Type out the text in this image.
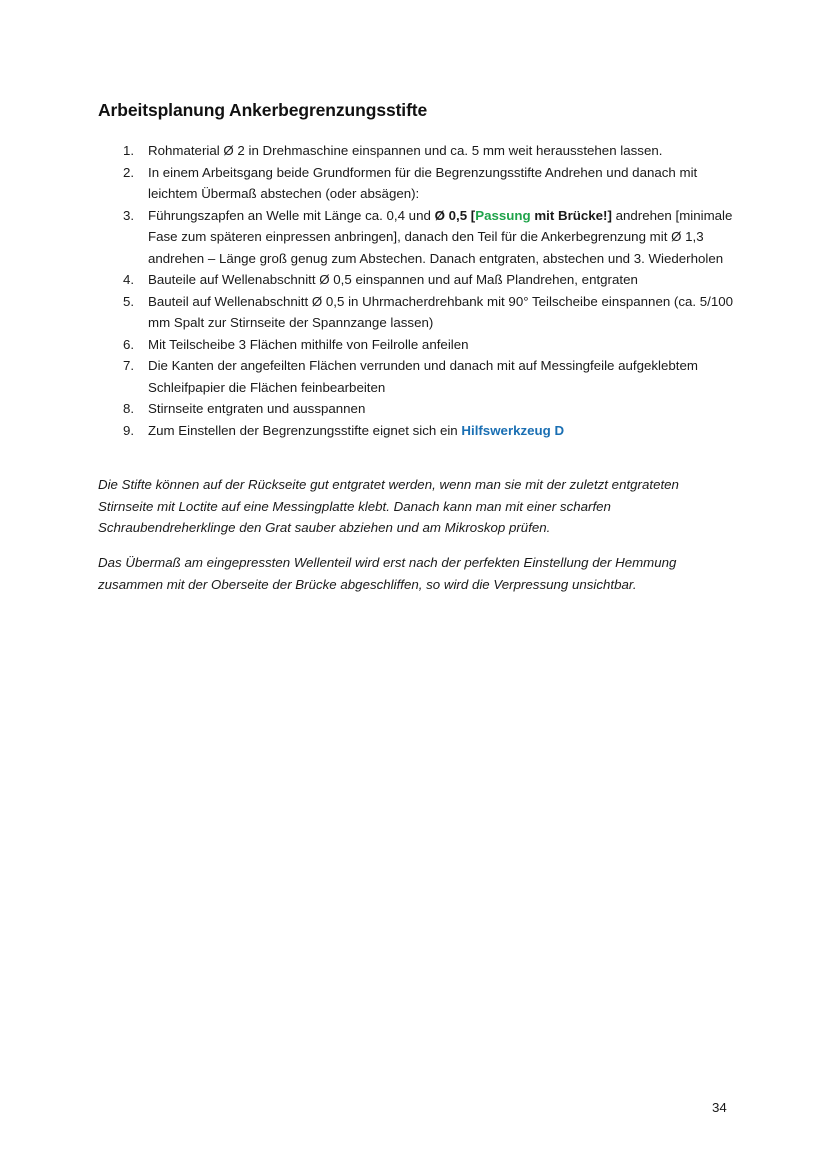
Arbeitsplanung Ankerbegrenzungsstifte
1. Rohmaterial Ø 2 in Drehmaschine einspannen und ca. 5 mm weit herausstehen lassen.
2. In einem Arbeitsgang beide Grundformen für die Begrenzungsstifte Andrehen und danach mit leichtem Übermaß abstechen (oder absägen):
3. Führungszapfen an Welle mit Länge ca. 0,4 und Ø 0,5 [Passung mit Brücke!] andrehen [minimale Fase zum späteren einpressen anbringen], danach den Teil für die Ankerbegrenzung mit Ø 1,3 andrehen – Länge groß genug zum Abstechen. Danach entgraten, abstechen und 3. Wiederholen
4. Bauteile auf Wellenabschnitt Ø 0,5 einspannen und auf Maß Plandrehen, entgraten
5. Bauteil auf Wellenabschnitt Ø 0,5 in Uhrmacherdrehbank mit 90° Teilscheibe einspannen (ca. 5/100 mm Spalt zur Stirnseite der Spannzange lassen)
6. Mit Teilscheibe 3 Flächen mithilfe von Feilrolle anfeilen
7. Die Kanten der angefeilten Flächen verrunden und danach mit auf Messingfeile aufgeklebtem Schleifpapier die Flächen feinbearbeiten
8. Stirnseite entgraten und ausspannen
9. Zum Einstellen der Begrenzungsstifte eignet sich ein Hilfswerkzeug D

Die Stifte können auf der Rückseite gut entgratet werden, wenn man sie mit der zuletzt entgrateten Stirnseite mit Loctite auf eine Messingplatte klebt. Danach kann man mit einer scharfen Schraubendreherklinge den Grat sauber abziehen und am Mikroskop prüfen.

Das Übermaß am eingepressten Wellenteil wird erst nach der perfekten Einstellung der Hemmung zusammen mit der Oberseite der Brücke abgeschliffen, so wird die Verpressung unsichtbar.

34
